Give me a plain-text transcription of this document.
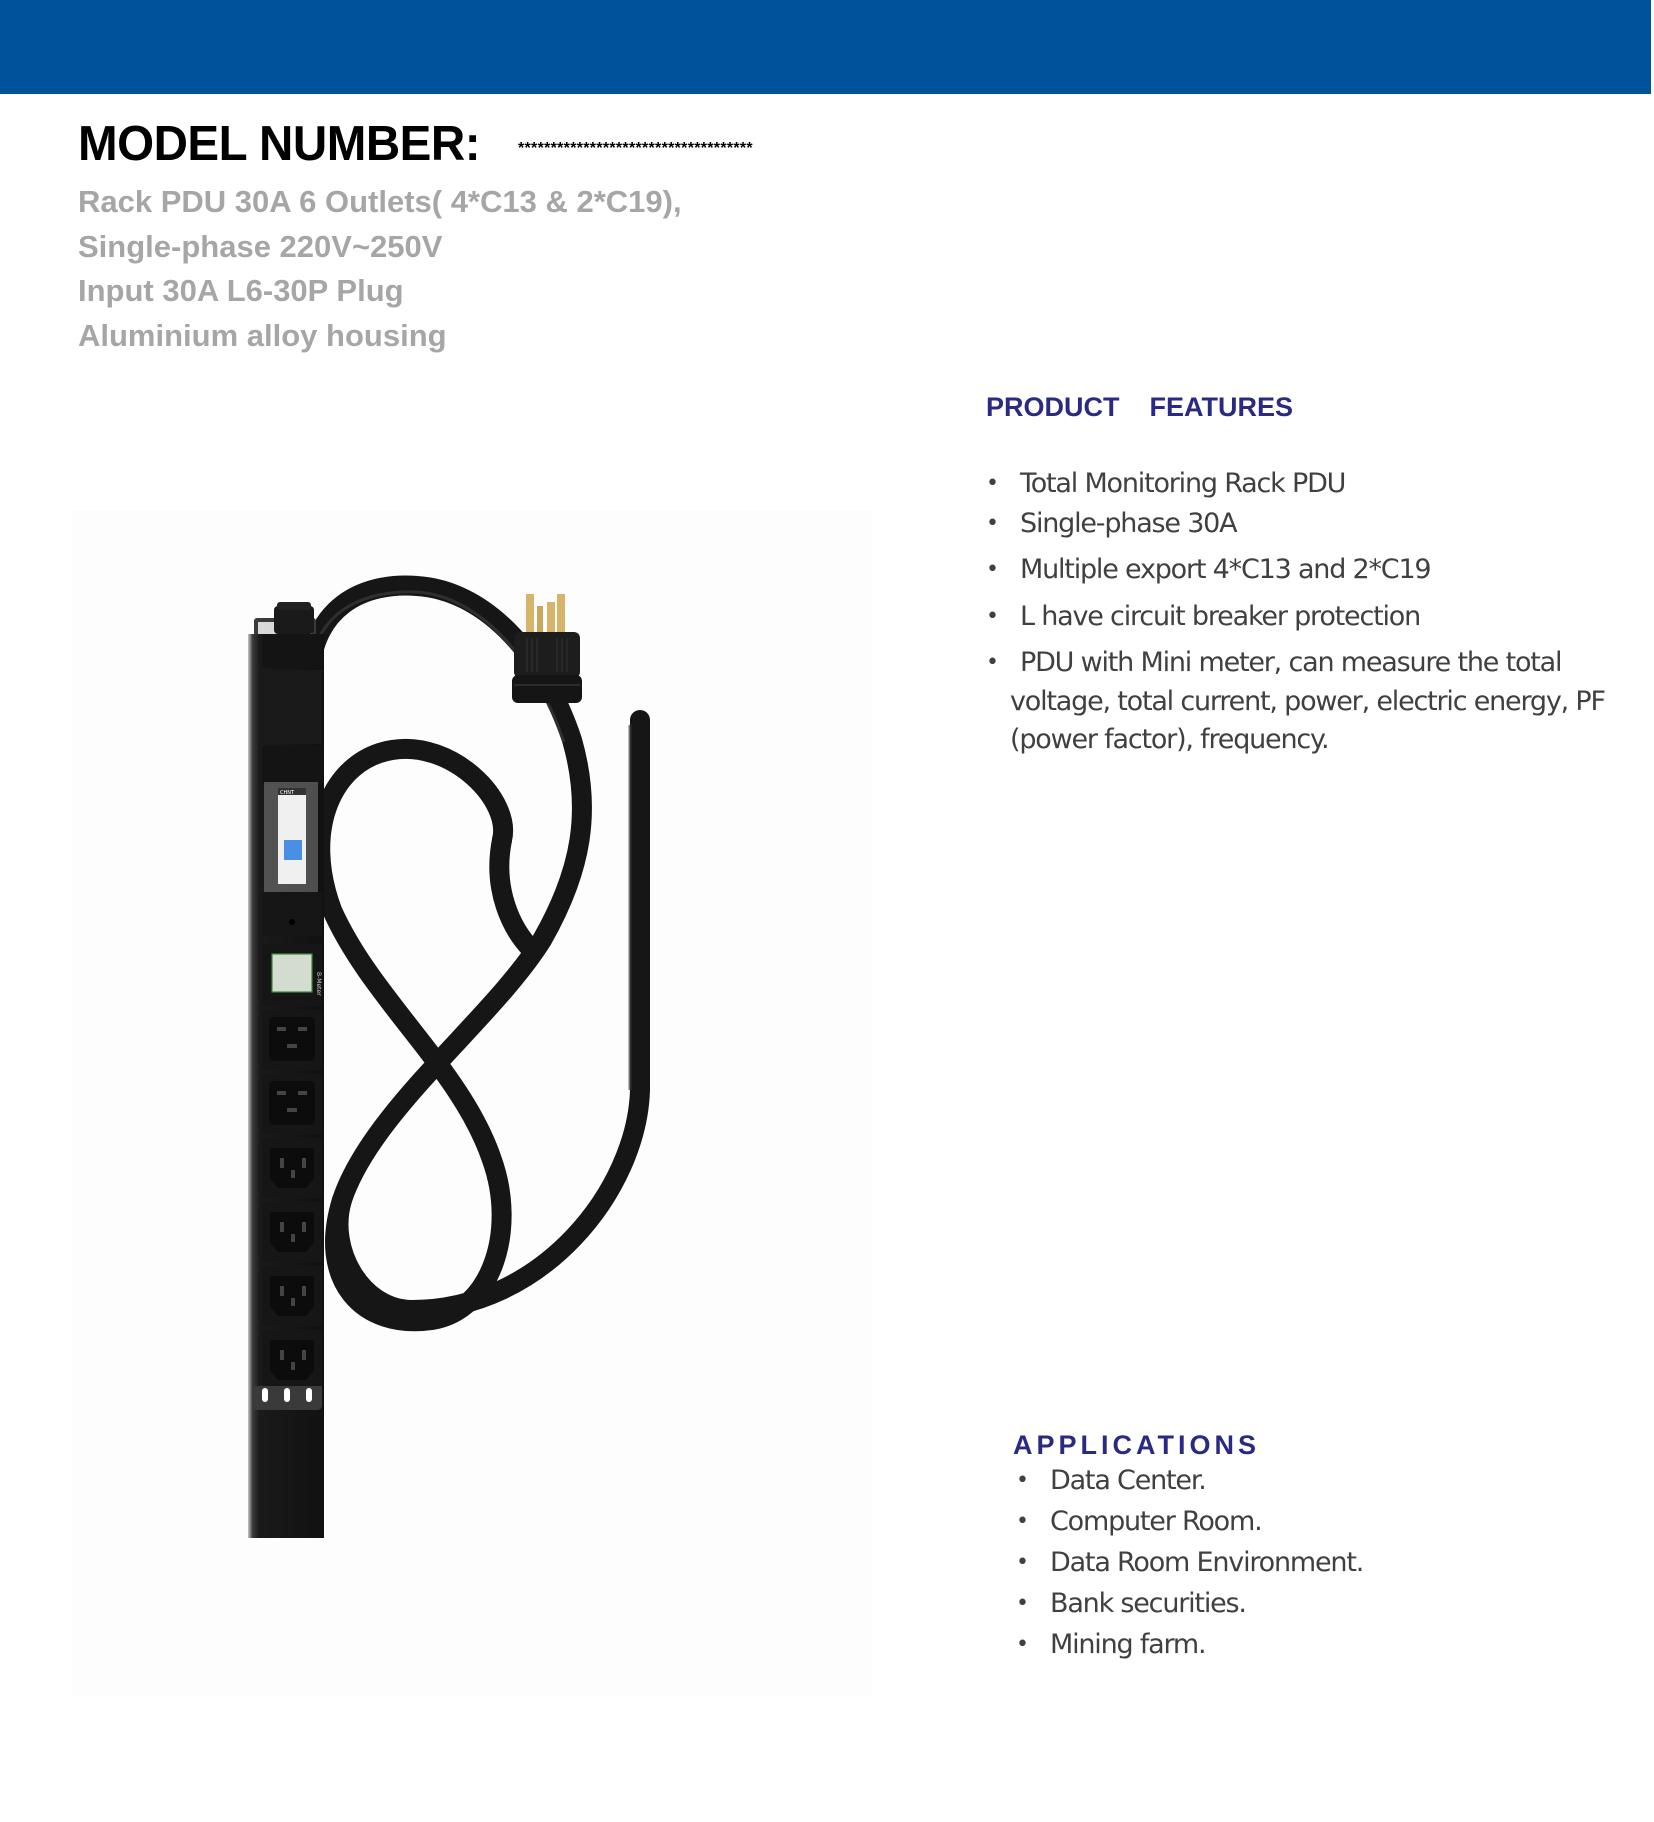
MODEL NUMBER: ************************************
Rack PDU 30A 6 Outlets( 4*C13 & 2*C19),
Single-phase 220V~250V
Input 30A L6-30P Plug
Aluminium alloy housing
CHNT
B-Meter
PRODUCT    FEATURES
• Total Monitoring Rack PDU
• Single-phase 30A
• Multiple export 4*C13 and 2*C19
• L have circuit breaker protection
• PDU with Mini meter, can measure the total
voltage, total current, power, electric energy, PF
(power factor), frequency.
APPLICATIONS
• Data Center.
• Computer Room.
• Data Room Environment.
• Bank securities.
• Mining farm.
